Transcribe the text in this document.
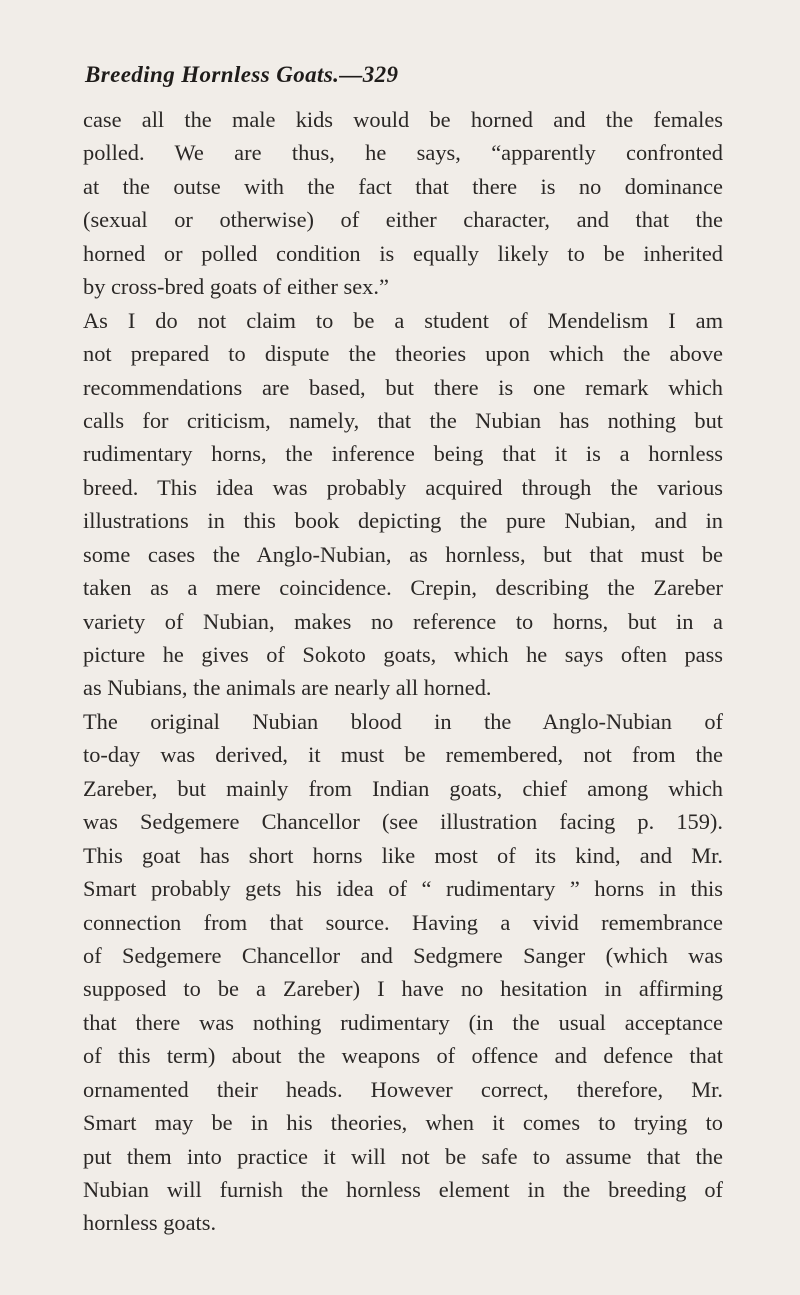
Breeding Hornless Goats.—329
case all the male kids would be horned and the females
polled. We are thus, he says, “apparently confronted
at the outse with the fact that there is no dominance
(sexual or otherwise) of either character, and that the
horned or polled condition is equally likely to be inherited
by cross-bred goats of either sex.”
As I do not claim to be a student of Mendelism I am
not prepared to dispute the theories upon which the above
recommendations are based, but there is one remark which
calls for criticism, namely, that the Nubian has nothing but
rudimentary horns, the inference being that it is a hornless
breed. This idea was probably acquired through the various
illustrations in this book depicting the pure Nubian, and in
some cases the Anglo-Nubian, as hornless, but that must be
taken as a mere coincidence. Crepin, describing the Zareber
variety of Nubian, makes no reference to horns, but in a
picture he gives of Sokoto goats, which he says often pass
as Nubians, the animals are nearly all horned.
The original Nubian blood in the Anglo-Nubian of
to-day was derived, it must be remembered, not from the
Zareber, but mainly from Indian goats, chief among which
was Sedgemere Chancellor (see illustration facing p. 159).
This goat has short horns like most of its kind, and Mr.
Smart probably gets his idea of “ rudimentary ” horns in this
connection from that source. Having a vivid remembrance
of Sedgemere Chancellor and Sedgmere Sanger (which was
supposed to be a Zareber) I have no hesitation in affirming
that there was nothing rudimentary (in the usual acceptance
of this term) about the weapons of offence and defence that
ornamented their heads. However correct, therefore, Mr.
Smart may be in his theories, when it comes to trying to
put them into practice it will not be safe to assume that the
Nubian will furnish the hornless element in the breeding of
hornless goats.
